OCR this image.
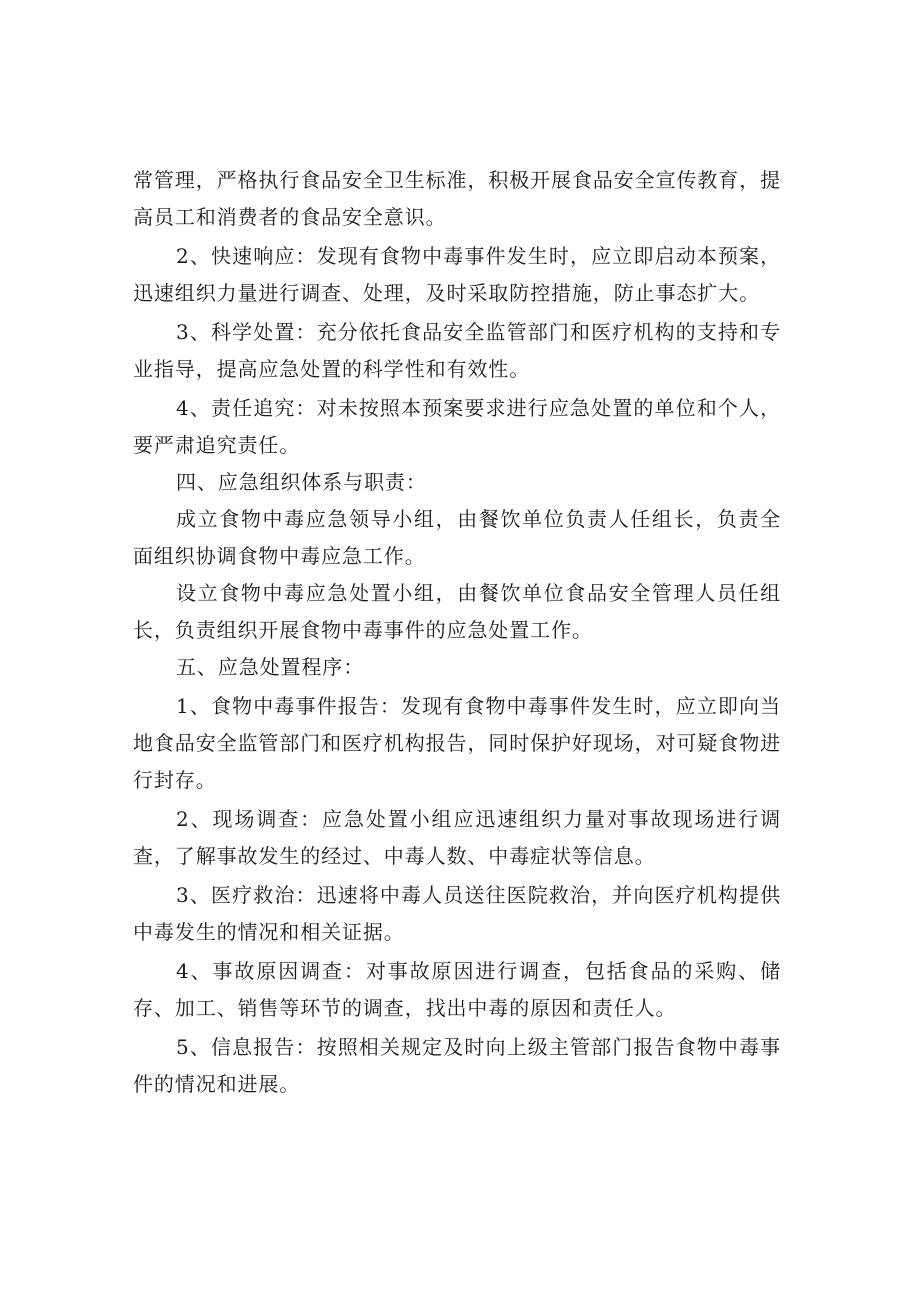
常管理，严格执行食品安全卫生标准，积极开展食品安全宣传教育，提高员工和消费者的食品安全意识。

2、快速响应：发现有食物中毒事件发生时，应立即启动本预案，迅速组织力量进行调查、处理，及时采取防控措施，防止事态扩大。

3、科学处置：充分依托食品安全监管部门和医疗机构的支持和专业指导，提高应急处置的科学性和有效性。

4、责任追究：对未按照本预案要求进行应急处置的单位和个人，要严肃追究责任。

四、应急组织体系与职责：

成立食物中毒应急领导小组，由餐饮单位负责人任组长，负责全面组织协调食物中毒应急工作。

设立食物中毒应急处置小组，由餐饮单位食品安全管理人员任组长，负责组织开展食物中毒事件的应急处置工作。

五、应急处置程序：

1、食物中毒事件报告：发现有食物中毒事件发生时，应立即向当地食品安全监管部门和医疗机构报告，同时保护好现场，对可疑食物进行封存。

2、现场调查：应急处置小组应迅速组织力量对事故现场进行调查，了解事故发生的经过、中毒人数、中毒症状等信息。

3、医疗救治：迅速将中毒人员送往医院救治，并向医疗机构提供中毒发生的情况和相关证据。

4、事故原因调查：对事故原因进行调查，包括食品的采购、储存、加工、销售等环节的调查，找出中毒的原因和责任人。

5、信息报告：按照相关规定及时向上级主管部门报告食物中毒事件的情况和进展。
